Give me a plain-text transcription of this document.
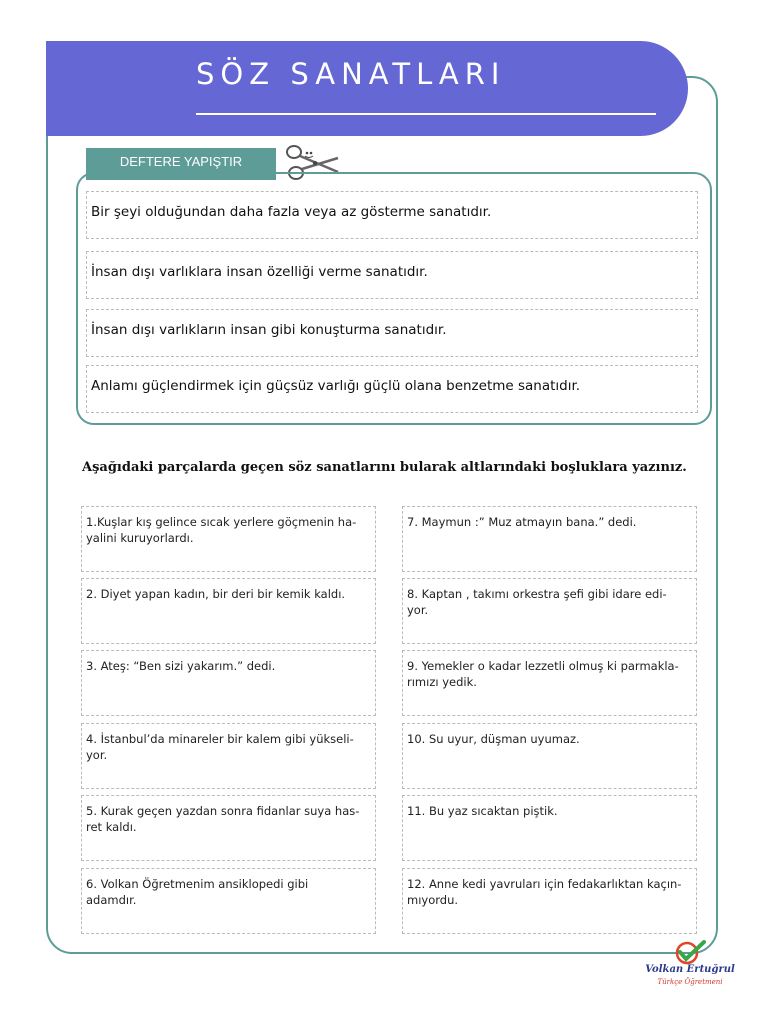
SÖZ SANATLARI
DEFTERE YAPIŞTIR
Bir şeyi olduğundan daha fazla veya az gösterme sanatıdır.
İnsan dışı varlıklara insan özelliği verme sanatıdır.
İnsan dışı varlıkların insan gibi konuşturma sanatıdır.
Anlamı güçlendirmek için güçsüz varlığı güçlü olana benzetme sanatıdır.
Aşağıdaki parçalarda geçen söz sanatlarını bularak altlarındaki boşluklara yazınız.
1.Kuşlar kış gelince sıcak yerlere göçmenin ha-yalini kuruyorlardı.
2. Diyet yapan kadın, bir deri bir kemik kaldı.
3. Ateş: “Ben sizi yakarım.” dedi.
4. İstanbul’da minareler bir kalem gibi yükseli-yor.
5. Kurak geçen yazdan sonra fidanlar suya has-ret kaldı.
6. Volkan Öğretmenim ansiklopedi gibi adamdır.
7. Maymun :” Muz atmayın bana.” dedi.
8. Kaptan , takımı orkestra şefi gibi idare edi-yor.
9. Yemekler o kadar lezzetli olmuş ki parmakla-rımızı yedik.
10. Su uyur, düşman uyumaz.
11. Bu yaz sıcaktan piştik.
12. Anne kedi yavruları için fedakarlıktan kaçın-mıyordu.
Volkan Ertuğrul
Türkçe Öğretmeni
